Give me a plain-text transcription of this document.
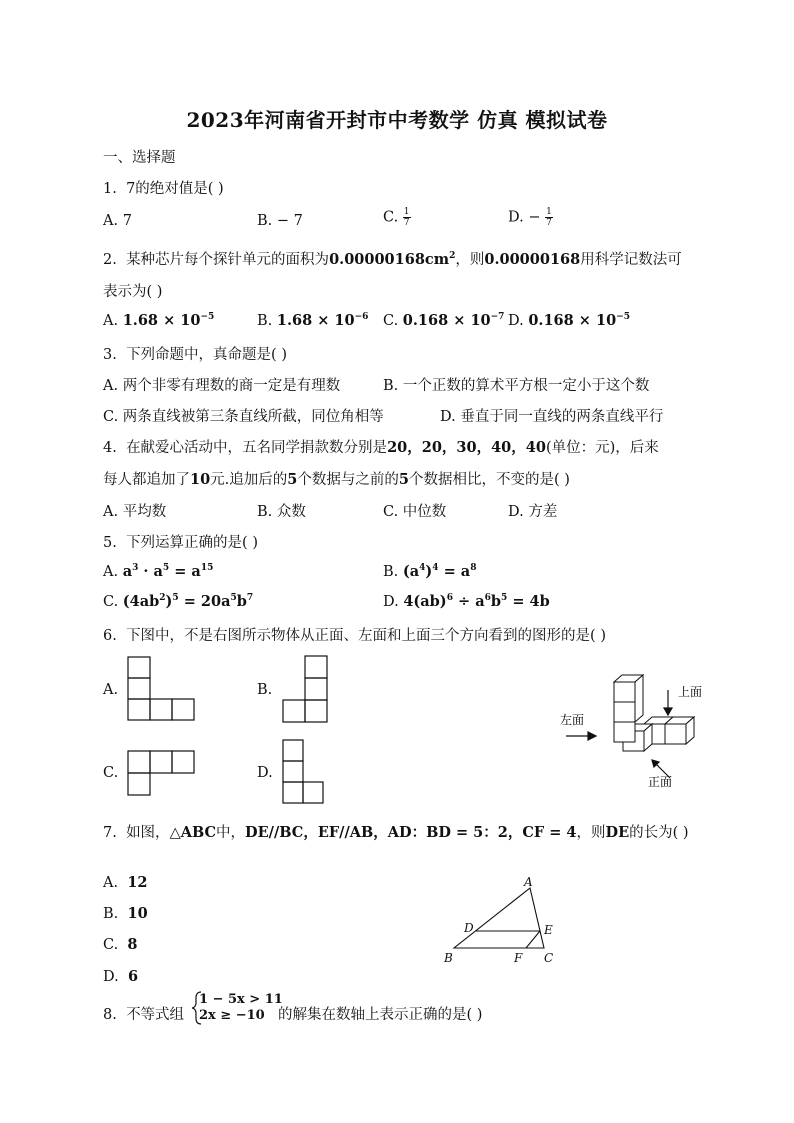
2023年河南省开封市中考数学 仿真 模拟试卷
一、选择题
1. 7的绝对值是( )
A. 7	B. − 7	C. $\frac{1}{7}$	D. − $\frac{1}{7}$
2. 某种芯片每个探针单元的面积为$0.00000168cm^2$，则0.00000168用科学记数法可
表示为( )
A. $1.68 \times 10^{-5}$	B. $1.68 \times 10^{-6}$ C. $0.168 \times 10^{-7}$ D. $0.168 \times 10^{-5}$
3. 下列命题中，真命题是( )
A. 两个非零有理数的商一定是有理数	B. 一个正数的算术平方根一定小于这个数
C. 两条直线被第三条直线所截，同位角相等	D. 垂直于同一直线的两条直线平行
4. 在献爱心活动中，五名同学捐款数分别是20，20，30，40，40(单位：元)，后来
每人都追加了10元.追加后的5个数据与之前的5个数据相比，不变的是( )
A. 平均数	B. 众数	C. 中位数	D. 方差
5. 下列运算正确的是( )
A. $a^3 \cdot a^5 = a^{15}$	B. $(a^4)^4 = a^8$
C. $(4ab^2)^5 = 20a^5b^7$	D. $4(ab)^6 \div a^6b^5 = 4b$
6. 下图中，不是右图所示物体从正面、左面和上面三个方向看到的图形的是( )
A.	B.
C.	D.
上面
左面
正面
7. 如图，△ABC中，DE//BC，EF//AB，AD：BD = 5：2，CF = 4，则DE的长为( )
A. 12
B. 10
C. 8
D. 6
A
B	C
D	E
F
8. 不等式组
1 − 5x > 11
2x ≥ −10 的解集在数轴上表示正确的是( )
